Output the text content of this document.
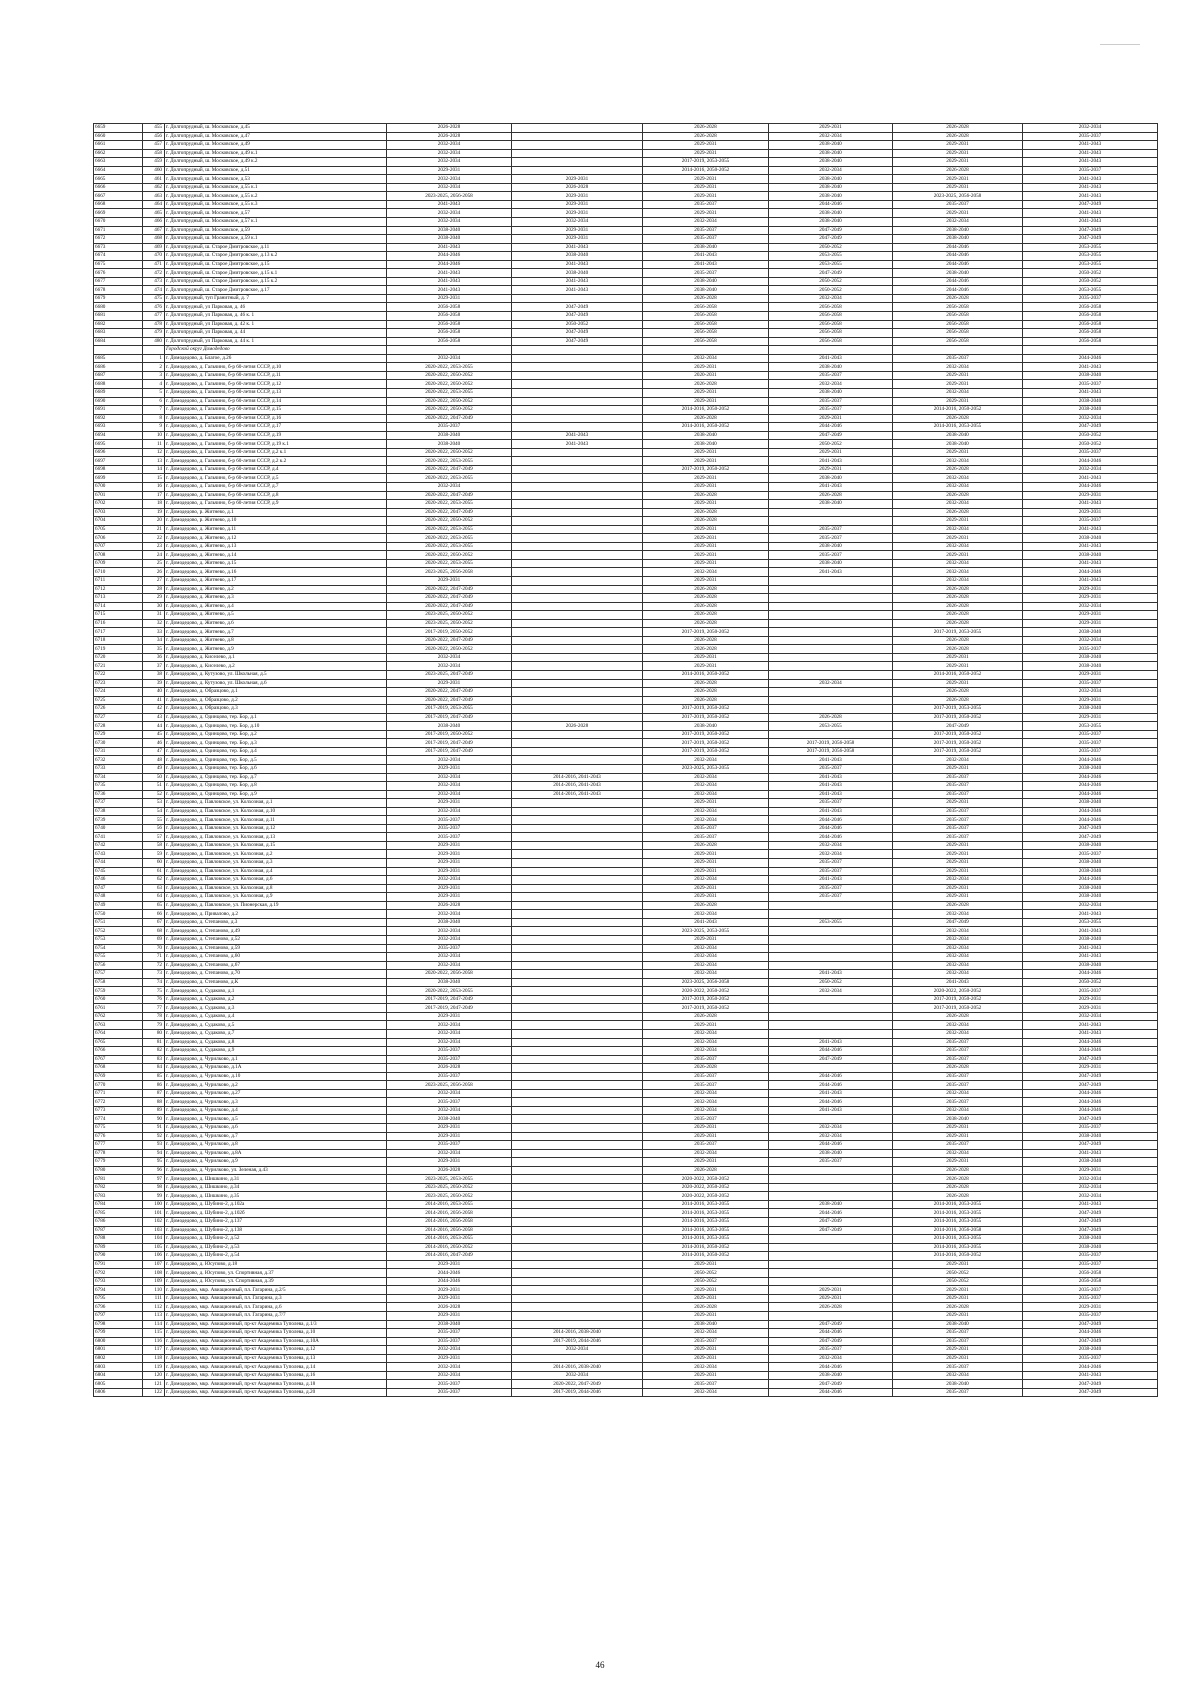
6659	455	г. Долгопрудный, ш. Московское, д.45	2026-2028		2026-2028	2029-2031	2026-2028	2032-2034
6660	456	г. Долгопрудный, ш. Московское, д.47	2026-2028		2026-2028	2032-2034	2026-2028	2035-2037
6661	457	г. Долгопрудный, ш. Московское, д.49	2032-2034		2029-2031	2038-2040	2029-2031	2041-2043
6662	458	г. Долгопрудный, ш. Московское, д.49 к.1	2032-2034		2029-2031	2038-2040	2029-2031	2041-2043
6663	459	г. Долгопрудный, ш. Московское, д.49 к.2	2032-2034		2017-2019, 2053-2055	2038-2040	2029-2031	2041-2043
6664	460	г. Долгопрудный, ш. Московское, д.51	2029-2031		2014-2016, 2050-2052	2032-2034	2026-2028	2035-2037
6665	461	г. Долгопрудный, ш. Московское, д.53	2032-2034	2029-2031	2029-2031	2038-2040	2029-2031	2041-2043
6666	462	г. Долгопрудный, ш. Московское, д.55 к.1	2032-2034	2026-2028	2029-2031	2038-2040	2029-2031	2041-2043
6667	463	г. Долгопрудный, ш. Московское, д.55 к.2	2023-2025, 2056-2058	2029-2031	2029-2031	2038-2040	2023-2025, 2056-2058	2041-2043
6668	464	г. Долгопрудный, ш. Московское, д.55 к.3	2041-2043	2029-2031	2035-2037	2044-2046	2035-2037	2047-2049
6669	465	г. Долгопрудный, ш. Московское, д.57	2032-2034	2029-2031	2029-2031	2038-2040	2029-2031	2041-2043
6670	466	г. Долгопрудный, ш. Московское, д.57 к.1	2032-2034	2032-2034	2032-2034	2038-2040	2032-2034	2041-2043
6671	467	г. Долгопрудный, ш. Московское, д.59	2038-2040	2029-2031	2035-2037	2047-2049	2038-2040	2047-2049
6672	468	г. Долгопрудный, ш. Московское, д.59 к.1	2038-2040	2029-2031	2035-2037	2047-2049	2038-2040	2047-2049
6673	469	г. Долгопрудный, ш. Старое Дмитровское, д.11	2041-2043	2041-2043	2038-2040	2050-2052	2044-2046	2053-2055
6674	470	г. Долгопрудный, ш. Старое Дмитровское, д.13 к.2	2044-2046	2038-2040	2041-2043	2053-2055	2044-2046	2053-2055
6675	471	г. Долгопрудный, ш. Старое Дмитровское, д.15	2044-2046	2041-2043	2041-2043	2053-2055	2044-2046	2053-2055
6676	472	г. Долгопрудный, ш. Старое Дмитровское, д.15 к.1	2041-2043	2038-2040	2035-2037	2047-2049	2038-2040	2050-2052
6677	473	г. Долгопрудный, ш. Старое Дмитровское, д.15 к.2	2041-2043	2041-2043	2038-2040	2050-2052	2044-2046	2050-2052
6678	474	г. Долгопрудный, ш. Старое Дмитровское, д.17	2041-2043	2041-2043	2038-2040	2050-2052	2044-2046	2053-2055
6679	475	г. Долгопрудный, туп Гранитный, д. 7	2029-2031		2026-2028	2032-2034	2026-2028	2035-2037
6680	476	г. Долгопрудный, ул Парковая, д. 46	2056-2058	2047-2049	2056-2058	2056-2058	2056-2058	2056-2058
6681	477	г. Долгопрудный, ул Парковая, д. 46 к. 1	2056-2058	2047-2049	2056-2058	2056-2058	2056-2058	2056-2058
6682	478	г. Долгопрудный, ул Парковая, д. 42 к. 1	2056-2058	2050-2052	2056-2058	2056-2058	2056-2058	2056-2058
6683	479	г. Долгопрудный, ул Парковая, д. 44	2056-2058	2047-2049	2056-2058	2056-2058	2056-2058	2056-2058
6684	480	г. Долгопрудный, ул Парковая, д. 44 к. 1	2056-2058	2047-2049	2056-2058	2056-2058	2056-2058	2056-2058
		Городской округ Домодедово						
6685	1	г. Домодедово, д. Благое, д.26	2032-2034		2032-2034	2041-2043	2035-2037	2044-2046
6686	2	г. Домодедово, д. Гальчино, б-р 60-летия СССР, д.10	2020-2022, 2053-2055		2029-2031	2038-2040	2032-2034	2041-2043
6687	3	г. Домодедово, д. Гальчино, б-р 60-летия СССР, д.11	2020-2022, 2050-2052		2020-2031	2035-2037	2029-2031	2038-2040
6688	4	г. Домодедово, д. Гальчино, б-р 60-летия СССР, д.12	2020-2022, 2050-2052		2026-2028	2032-2034	2029-2031	2035-2037
6689	5	г. Домодедово, д. Гальчино, б-р 60-летия СССР, д.13	2020-2022, 2053-2055		2029-2031	2038-2040	2032-2034	2041-2043
6690	6	г. Домодедово, д. Гальчино, б-р 60-летия СССР, д.14	2020-2022, 2050-2052		2029-2031	2035-2037	2029-2031	2038-2040
6691	7	г. Домодедово, д. Гальчино, б-р 60-летия СССР, д.15	2020-2022, 2050-2052		2014-2016, 2050-2052	2035-2037	2014-2016, 2050-2052	2038-2040
6692	8	г. Домодедово, д. Гальчино, б-р 60-летия СССР, д.16	2020-2022, 2047-2049		2026-2028	2029-2031	2026-2028	2032-2034
6693	9	г. Домодедово, д. Гальчино, б-р 60-летия СССР, д.17	2035-2037		2014-2016, 2050-2052	2044-2046	2014-2016, 2053-2055	2047-2049
6694	10	г. Домодедово, д. Гальчино, б-р 60-летия СССР, д.19	2038-2040	2041-2043	2038-2040	2047-2049	2038-2040	2050-2052
6695	11	г. Домодедово, д. Гальчино, б-р 60-летия СССР, д.19 к.1	2038-2040	2041-2043	2038-2040	2050-2052	2038-2040	2050-2052
6696	12	г. Домодедово, д. Гальчино, б-р 60-летия СССР, д.2 к.1	2020-2022, 2050-2052		2029-2031	2029-2031	2029-2031	2035-2037
6697	13	г. Домодедово, д. Гальчино, б-р 60-летия СССР, д.2 к.2	2020-2022, 2053-2055		2029-2031	2041-2043	2032-2034	2044-2046
6698	14	г. Домодедово, д. Гальчино, б-р 60-летия СССР, д.4	2020-2022, 2047-2049		2017-2019, 2050-2052	2029-2031	2026-2028	2032-2034
6699	15	г. Домодедово, д. Гальчино, б-р 60-летия СССР, д.5	2020-2022, 2053-2055		2029-2031	2038-2040	2032-2034	2041-2043
6700	16	г. Домодедово, д. Гальчино, б-р 60-летия СССР, д.7	2032-2034		2029-2031	2041-2043	2032-2034	2044-2046
6701	17	г. Домодедово, д. Гальчино, б-р 60-летия СССР, д.8	2020-2022, 2047-2049		2026-2028	2026-2028	2026-2028	2029-2031
6702	18	г. Домодедово, д. Гальчино, б-р 60-летия СССР, д.9	2020-2022, 2053-2055		2029-2031	2038-2040	2032-2034	2041-2043
6703	19	г. Домодедово, р. Житнево, д.1	2020-2022, 2047-2049		2026-2028		2026-2028	2029-2031
6704	20	г. Домодедово, р. Житнево, д.10	2020-2022, 2050-2052		2026-2028		2029-2031	2035-2037
6705	21	г. Домодедово, д. Житнево, д.11	2020-2022, 2053-2055		2029-2031	2035-2037	2032-2034	2041-2043
6706	22	г. Домодедово, д. Житнево, д.12	2020-2022, 2053-2055		2029-2031	2035-2037	2029-2031	2038-2040
6707	23	г. Домодедово, д. Житнево, д.13	2020-2022, 2053-2055		2029-2031	2038-2040	2032-2034	2041-2043
6708	24	г. Домодедово, д. Житнево, д.14	2020-2022, 2050-2052		2029-2031	2035-2037	2029-2031	2038-2040
6709	25	г. Домодедово, д. Житнево, д.15	2020-2022, 2053-2055		2029-2031	2038-2040	2032-2034	2041-2043
6710	26	г. Домодедово, д. Житнево, д.16	2023-2025, 2056-2058		2032-2034	2041-2043	2032-2034	2044-2046
6711	27	г. Домодедово, д. Житнево, д.17	2029-2031		2029-2031		2032-2034	2041-2043
6712	28	г. Домодедово, д. Житнево, д.2	2020-2022, 2047-2049		2026-2028		2026-2028	2029-2031
6713	29	г. Домодедово, д. Житнево, д.3	2020-2022, 2047-2049		2026-2028		2026-2028	2029-2031
6714	30	г. Домодедово, д. Житнево, д.4	2020-2022, 2047-2049		2026-2028		2026-2028	2032-2034
6715	31	г. Домодедово, д. Житнево, д.5	2023-2025, 2050-2052		2026-2028		2026-2028	2029-2031
6716	32	г. Домодедово, д. Житнево, д.6	2023-2025, 2050-2052		2026-2028		2026-2028	2029-2031
6717	33	г. Домодедово, д. Житнево, д.7	2017-2019, 2050-2052		2017-2019, 2050-2052		2017-2019, 2053-2055	2038-2040
6718	34	г. Домодедово, д. Житнево, д.8	2020-2022, 2047-2049		2026-2028		2026-2028	2032-2034
6719	35	г. Домодедово, д. Житнево, д.9	2020-2022, 2050-2052		2026-2028		2026-2028	2035-2037
6720	36	г. Домодедово, д. Киселево, д.1	2032-2034		2029-2031		2029-2031	2038-2040
6721	37	г. Домодедово, д. Киселево, д.2	2032-2034		2029-2031		2029-2031	2038-2040
6722	38	г. Домодедово, д. Кутузово, ул. Школьная, д.5	2023-2025, 2047-2049		2014-2016, 2050-2052		2014-2016, 2050-2052	2029-2031
6723	39	г. Домодедово, д. Кутузово, ул. Школьная, д.6	2029-2031		2026-2028	2032-2034	2029-2031	2035-2037
6724	40	г. Домодедово, д. Образцово, д.1	2020-2022, 2047-2049		2026-2028		2026-2028	2032-2034
6725	41	г. Домодедово, д. Образцово, д.2	2020-2022, 2047-2049		2026-2028		2026-2028	2029-2031
6726	42	г. Домодедово, д. Образцово, д.3	2017-2019, 2053-2055		2017-2019, 2050-2052		2017-2019, 2053-2055	2038-2040
6727	43	г. Домодедово, д. Одинцово, тер. Бор, д.1	2017-2019, 2047-2049		2017-2019, 2050-2052	2026-2028	2017-2019, 2050-2052	2029-2031
6728	44	г. Домодедово, д. Одинцово, тер. Бор, д.10	2038-2040	2026-2028	2038-2040	2053-2055	2047-2049	2053-2055
6729	45	г. Домодедово, д. Одинцово, тер. Бор, д.2	2017-2019, 2050-2052		2017-2019, 2050-2052		2017-2019, 2050-2052	2035-2037
6730	46	г. Домодедово, д. Одинцово, тер. Бор, д.3	2017-2019, 2047-2049		2017-2019, 2050-2052	2017-2019, 2056-2058	2017-2019, 2050-2052	2035-2037
6731	47	г. Домодедово, д. Одинцово, тер. Бор, д.4	2017-2019, 2047-2049		2017-2019, 2050-2052	2017-2019, 2056-2058	2017-2019, 2050-2052	2035-2037
6732	48	г. Домодедово, д. Одинцово, тер. Бор, д.5	2032-2034		2032-2034	2041-2043	2032-2034	2044-2046
6733	49	г. Домодедово, д. Одинцово, тер. Бор, д.6	2029-2031		2023-2025, 2053-2055	2035-2037	2029-2031	2038-2040
6734	50	г. Домодедово, д. Одинцово, тер. Бор, д.7	2032-2034	2014-2016, 2041-2043	2032-2034	2041-2043	2035-2037	2044-2046
6735	51	г. Домодедово, д. Одинцово, тер. Бор, д.8	2032-2034	2014-2016, 2041-2043	2032-2034	2041-2043	2035-2037	2044-2046
6736	52	г. Домодедово, д. Одинцово, тер. Бор, д.9	2032-2034	2014-2016, 2041-2043	2032-2034	2041-2043	2035-2037	2044-2046
6737	53	г. Домодедово, д. Павловское, ул. Колхозная, д.1	2029-2031		2029-2031	2035-2037	2029-2031	2038-2040
6738	54	г. Домодедово, д. Павловское, ул. Колхозная, д.10	2032-2034		2032-2034	2041-2043	2035-2037	2044-2046
6739	55	г. Домодедово, д. Павловское, ул. Колхозная, д.11	2035-2037		2032-2034	2044-2046	2035-2037	2044-2046
6740	56	г. Домодедово, д. Павловское, ул. Колхозная, д.12	2035-2037		2035-2037	2044-2046	2035-2037	2047-2049
6741	57	г. Домодедово, д. Павловское, ул. Колхозная, д.13	2035-2037		2035-2037	2044-2046	2035-2037	2047-2049
6742	58	г. Домодедово, д. Павловское, ул. Колхозная, д.15	2029-2031		2026-2028	2032-2034	2029-2031	2038-2040
6743	59	г. Домодедово, д. Павловское, ул. Колхозная, д.2	2029-2031		2029-2031	2032-2034	2029-2031	2035-2037
6744	60	г. Домодедово, д. Павловское, ул. Колхозная, д.3	2029-2031		2029-2031	2035-2037	2029-2031	2038-2040
6745	61	г. Домодедово, д. Павловское, ул. Колхозная, д.4	2029-2031		2029-2031	2035-2037	2029-2031	2038-2040
6746	62	г. Домодедово, д. Павловское, ул. Колхозная, д.6	2032-2034		2032-2034	2041-2043	2032-2034	2044-2046
6747	63	г. Домодедово, д. Павловское, ул. Колхозная, д.8	2029-2031		2029-2031	2035-2037	2029-2031	2038-2040
6748	64	г. Домодедово, д. Павловское, ул. Колхозная, д.9	2029-2031		2029-2031	2035-2037	2029-2031	2038-2040
6749	65	г. Домодедово, д. Павловское, ул. Пионерская, д.19	2026-2028		2026-2028		2026-2028	2032-2034
6750	66	г. Домодедово, д. Привалово, д.2	2032-2034		2032-2034		2032-2034	2041-2043
6751	67	г. Домодедово, д. Степаново, д.3	2038-2040		2041-2043	2053-2055	2047-2049	2053-2055
6752	68	г. Домодедово, д. Степаново, д.49	2032-2034		2023-2025, 2053-2055		2032-2034	2041-2043
6753	69	г. Домодедово, д. Степаново, д.52	2032-2034		2029-2031		2032-2034	2038-2040
6754	70	г. Домодедово, д. Степаново, д.59	2035-2037		2032-2034		2032-2034	2041-2043
6755	71	г. Домодедово, д. Степаново, д.60	2032-2034		2032-2034		2032-2034	2041-2043
6756	72	г. Домодедово, д. Степаново, д.67	2032-2034		2032-2034		2032-2034	2038-2040
6757	73	г. Домодедово, д. Степаново, д.70	2020-2022, 2056-2058		2032-2034	2041-2043	2032-2034	2044-2046
6758	74	г. Домодедово, д. Степаново, д.К	2038-2040		2023-2025, 2056-2058	2050-2052	2041-2043	2050-2052
6759	75	г. Домодедово, д. Судаково, д.1	2020-2022, 2053-2055		2020-2022, 2050-2052	2032-2034	2020-2022, 2050-2052	2035-2037
6760	76	г. Домодедово, д. Судаково, д.2	2017-2019, 2047-2049		2017-2019, 2050-2052		2017-2019, 2050-2052	2029-2031
6761	77	г. Домодедово, д. Судаково, д.3	2017-2019, 2047-2049		2017-2019, 2050-2052		2017-2019, 2050-2052	2029-2031
6762	78	г. Домодедово, д. Судаково, д.4	2029-2031		2026-2028		2026-2028	2032-2034
6763	79	г. Домодедово, д. Судаково, д.5	2032-2034		2029-2031		2032-2034	2041-2043
6764	80	г. Домодедово, д. Судаково, д.7	2032-2034		2032-2034		2032-2034	2041-2043
6765	81	г. Домодедово, д. Судаково, д.8	2032-2034		2032-2034	2041-2043	2035-2037	2044-2046
6766	82	г. Домодедово, д. Судаково, д.9	2035-2037		2032-2034	2044-2046	2035-2037	2044-2046
6767	83	г. Домодедово, д. Чурилково, д.1	2035-2037		2035-2037	2047-2049	2035-2037	2047-2049
6768	84	г. Домодедово, д. Чурилково, д.1А	2026-2028		2026-2028		2026-2028	2029-2031
6769	85	г. Домодедово, д. Чурилково, д.10	2035-2037		2035-2037	2044-2046	2035-2037	2047-2049
6770	86	г. Домодедово, д. Чурилково, д.2	2023-2025, 2056-2058		2035-2037	2044-2046	2035-2037	2047-2049
6771	87	г. Домодедово, д. Чурилково, д.27	2032-2034		2032-2034	2041-2043	2032-2034	2044-2046
6772	88	г. Домодедово, д. Чурилково, д.3	2035-2037		2032-2034	2044-2046	2035-2037	2044-2046
6773	89	г. Домодедово, д. Чурилково, д.4	2032-2034		2032-2034	2041-2043	2032-2034	2044-2046
6774	90	г. Домодедово, д. Чурилково, д.5	2038-2040		2035-2037		2038-2040	2047-2049
6775	91	г. Домодедово, д. Чурилково, д.6	2029-2031		2029-2031	2032-2034	2029-2031	2035-2037
6776	92	г. Домодедово, д. Чурилково, д.7	2029-2031		2029-2031	2032-2034	2029-2031	2038-2040
6777	93	г. Домодедово, д. Чурилково, д.8	2035-2037		2035-2037	2044-2046	2035-2037	2047-2049
6778	94	г. Домодедово, д. Чурилково, д.8А	2032-2034		2032-2034	2038-2040	2032-2034	2041-2043
6779	95	г. Домодедово, д. Чурилково, д.9	2029-2031		2029-2031	2035-2037	2029-2031	2038-2040
6780	96	г. Домодедово, д. Чурилково, ул. Зеленая, д.43	2026-2028		2026-2028		2026-2028	2029-2031
6781	97	г. Домодедово, д. Шишкино, д.31	2023-2025, 2053-2055		2020-2022, 2050-2052		2026-2028	2032-2034
6782	98	г. Домодедово, д. Шишкино, д.34	2023-2025, 2050-2052		2020-2022, 2050-2052		2026-2028	2032-2034
6783	99	г. Домодедово, д. Шишкино, д.35	2023-2025, 2050-2052		2020-2022, 2050-2052		2026-2028	2032-2034
6784	100	г. Домодедово, д. Шубино-2, д.102а	2014-2016, 2053-2055		2014-2016, 2053-2055	2038-2040	2014-2016, 2053-2055	2041-2043
6785	101	г. Домодедово, д. Шубино-2, д.102б	2014-2016, 2056-2058		2014-2016, 2053-2055	2044-2046	2014-2016, 2053-2055	2047-2049
6786	102	г. Домодедово, д. Шубино-2, д.137	2014-2016, 2056-2058		2014-2016, 2053-2055	2047-2049	2014-2016, 2053-2055	2047-2049
6787	103	г. Домодедово, д. Шубино-2, д.138	2014-2016, 2056-2058		2014-2016, 2053-2055	2047-2049	2014-2016, 2056-2058	2047-2049
6788	104	г. Домодедово, д. Шубино-2, д.52	2014-2016, 2053-2055		2014-2016, 2053-2055		2014-2016, 2053-2055	2038-2040
6789	105	г. Домодедово, д. Шубино-2, д.53	2014-2016, 2050-2052		2014-2016, 2050-2052		2014-2016, 2053-2055	2038-2040
6790	106	г. Домодедово, д. Шубино-2, д.54	2014-2016, 2047-2049		2014-2016, 2050-2052		2014-2016, 2050-2052	2035-2037
6791	107	г. Домодедово, д. Юсупово, д.18	2029-2031		2029-2031		2029-2031	2035-2037
6792	108	г. Домодедово, д. Юсупово, ул. Спортивная, д.37	2044-2046		2050-2052		2050-2052	2056-2058
6793	109	г. Домодедово, д. Юсупово, ул. Спортивная, д.39	2044-2046		2050-2052		2050-2052	2056-2058
6794	110	г. Домодедово, мкр. Авиационный, пл. Гагарина, д.2/5	2029-2031		2029-2031	2029-2031	2029-2031	2035-2037
6795	111	г. Домодедово, мкр. Авиационный, пл. Гагарина, д.3	2029-2031		2029-2031	2029-2031	2029-2031	2035-2037
6796	112	г. Домодедово, мкр. Авиационный, пл. Гагарина, д.6	2026-2028		2026-2028	2026-2028	2026-2028	2029-2031
6797	113	г. Домодедово, мкр. Авиационный, пл. Гагарина, д.7/7	2029-2031		2029-2031		2029-2031	2035-2037
6798	114	г. Домодедово, мкр. Авиационный, пр-кт Академика Туполева, д.1/3	2038-2040		2038-2040	2047-2049	2038-2040	2047-2049
6799	115	г. Домодедово, мкр. Авиационный, пр-кт Академика Туполева, д.10	2035-2037	2014-2016, 2038-2040	2032-2034	2044-2046	2035-2037	2044-2046
6800	116	г. Домодедово, мкр. Авиационный, пр-кт Академика Туполева, д.10А	2035-2037	2017-2019, 2044-2046	2035-2037	2047-2049	2035-2037	2047-2049
6801	117	г. Домодедово, мкр. Авиационный, пр-кт Академика Туполева, д.12	2032-2034	2032-2034	2029-2031	2035-2037	2029-2031	2038-2040
6802	118	г. Домодедово, мкр. Авиационный, пр-кт Академика Туполева, д.13	2029-2031		2029-2031	2032-2034	2029-2031	2035-2037
6803	119	г. Домодедово, мкр. Авиационный, пр-кт Академика Туполева, д.14	2032-2034	2014-2016, 2038-2040	2032-2034	2044-2046	2035-2037	2044-2046
6804	120	г. Домодедово, мкр. Авиационный, пр-кт Академика Туполева, д.16	2032-2034	2032-2034	2029-2031	2038-2040	2032-2034	2041-2043
6805	121	г. Домодедово, мкр. Авиационный, пр-кт Академика Туполева, д.18	2035-2037	2020-2022, 2047-2049	2035-2037	2047-2049	2038-2040	2047-2049
6806	122	г. Домодедово, мкр. Авиационный, пр-кт Академика Туполева, д.20	2035-2037	2017-2019, 2044-2046	2032-2034	2044-2046	2035-2037	2047-2049
46
